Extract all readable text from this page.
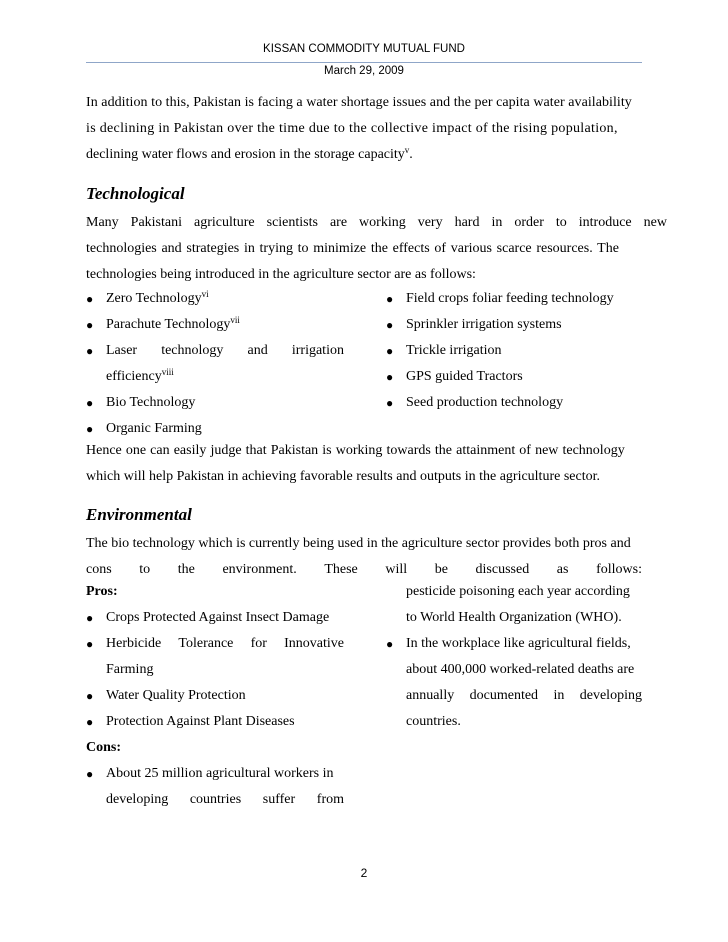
KISSAN COMMODITY MUTUAL FUND
March 29, 2009
In addition to this, Pakistan is facing a water shortage issues and the per capita water availability
is declining in Pakistan over the time due to the collective impact of the rising population,
declining water flows and erosion in the storage capacity$^v$.
Technological
Many Pakistani agriculture scientists are working very hard in order to introduce new
technologies and strategies in trying to minimize the effects of various scarce resources. The
technologies being introduced in the agriculture sector are as follows:
● Zero Technology$^{vi}$
● Parachute Technology$^{vii}$
● Laser technology and irrigation
efficiency$^{viii}$
● Bio Technology
● Organic Farming
● Field crops foliar feeding technology
● Sprinkler irrigation systems
● Trickle irrigation
● GPS guided Tractors
● Seed production technology
Hence one can easily judge that Pakistan is working towards the attainment of new technology
which will help Pakistan in achieving favorable results and outputs in the agriculture sector.
Environmental
The bio technology which is currently being used in the agriculture sector provides both pros and
cons to the environment. These will be discussed as follows:
Pros:
● Crops Protected Against Insect Damage
● Herbicide Tolerance for Innovative
Farming
● Water Quality Protection
● Protection Against Plant Diseases
Cons:
● About 25 million agricultural workers in
developing countries suffer from
pesticide poisoning each year according
to World Health Organization (WHO).
● In the workplace like agricultural fields,
about 400,000 worked-related deaths are
annually documented in developing
countries.
2
